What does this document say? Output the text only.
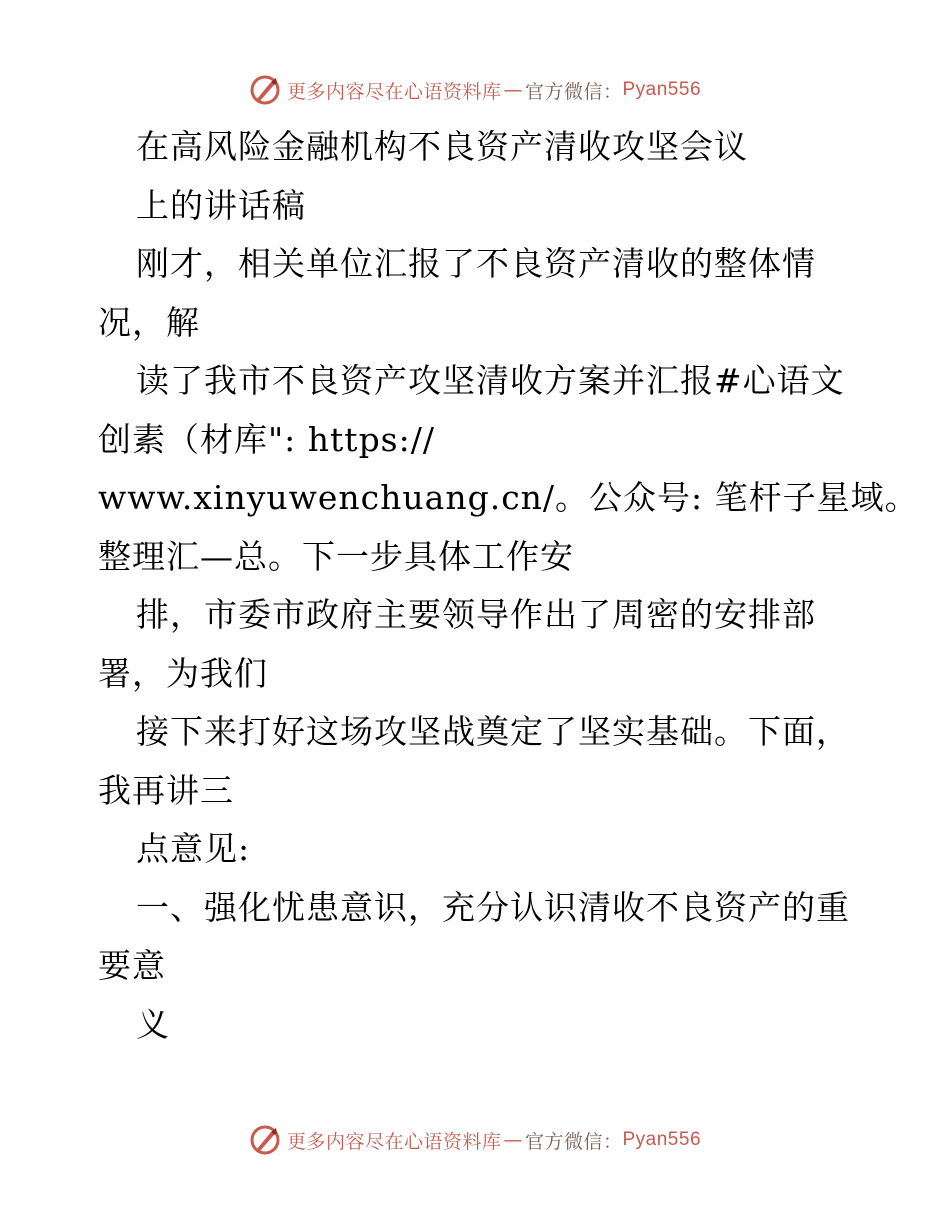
更多内容尽在心语资料库 — 官方微信： Pyan556
在高风险金融机构不良资产清收攻坚会议
上的讲话稿
刚才，相关单位汇报了不良资产清收的整体情
况，解
读了我市不良资产攻坚清收方案并汇报#心语文
创素（材库": https://
www.xinyuwenchuang.cn/。公众号: 笔杆子星域。
整理汇—总。下一步具体工作安
排，市委市政府主要领导作出了周密的安排部
署，为我们
接下来打好这场攻坚战奠定了坚实基础。下面，
我再讲三
点意见:
一、强化忧患意识，充分认识清收不良资产的重
要意
义
更多内容尽在心语资料库 — 官方微信： Pyan556
